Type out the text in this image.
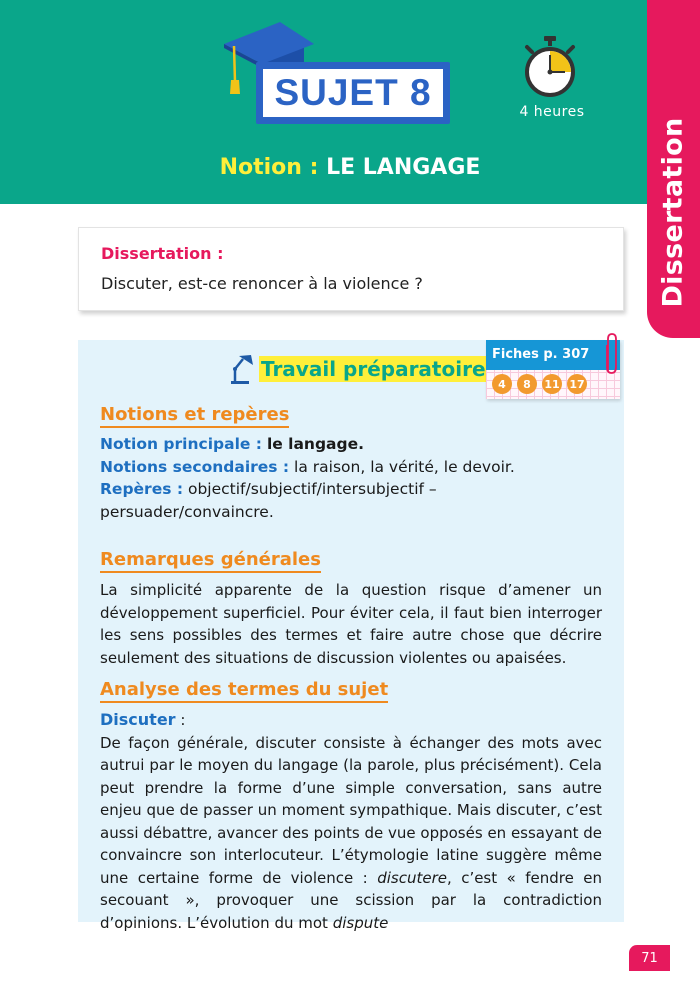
Dissertation
SUJET 8	4 heures
Notion : LE LANGAGE
Dissertation :
Discuter, est-ce renoncer à la violence ?
Travail préparatoire
Fiches p. 307
4	8	11 17
Notions et repères
Notion principale : le langage.
Notions secondaires : la raison, la vérité, le devoir.
Repères : objectif/subjectif/intersubjectif – persuader/convaincre.
Remarques générales
La simplicité apparente de la question risque d’amener un développement superficiel. Pour éviter cela, il faut bien interroger les sens possibles des termes et faire autre chose que décrire seulement des situations de discussion violentes ou apaisées.
Analyse des termes du sujet
Discuter :
De façon générale, discuter consiste à échanger des mots avec autrui par le moyen du langage (la parole, plus précisément). Cela peut prendre la forme d’une simple conversation, sans autre enjeu que de passer un moment sympathique. Mais discuter, c’est aussi débattre, avancer des points de vue opposés en essayant de convaincre son interlocuteur. L’étymologie latine suggère même une certaine forme de violence : discutere, c’est « fendre en secouant », provoquer une scission par la contradiction d’opinions. L’évolution du mot dispute
71
